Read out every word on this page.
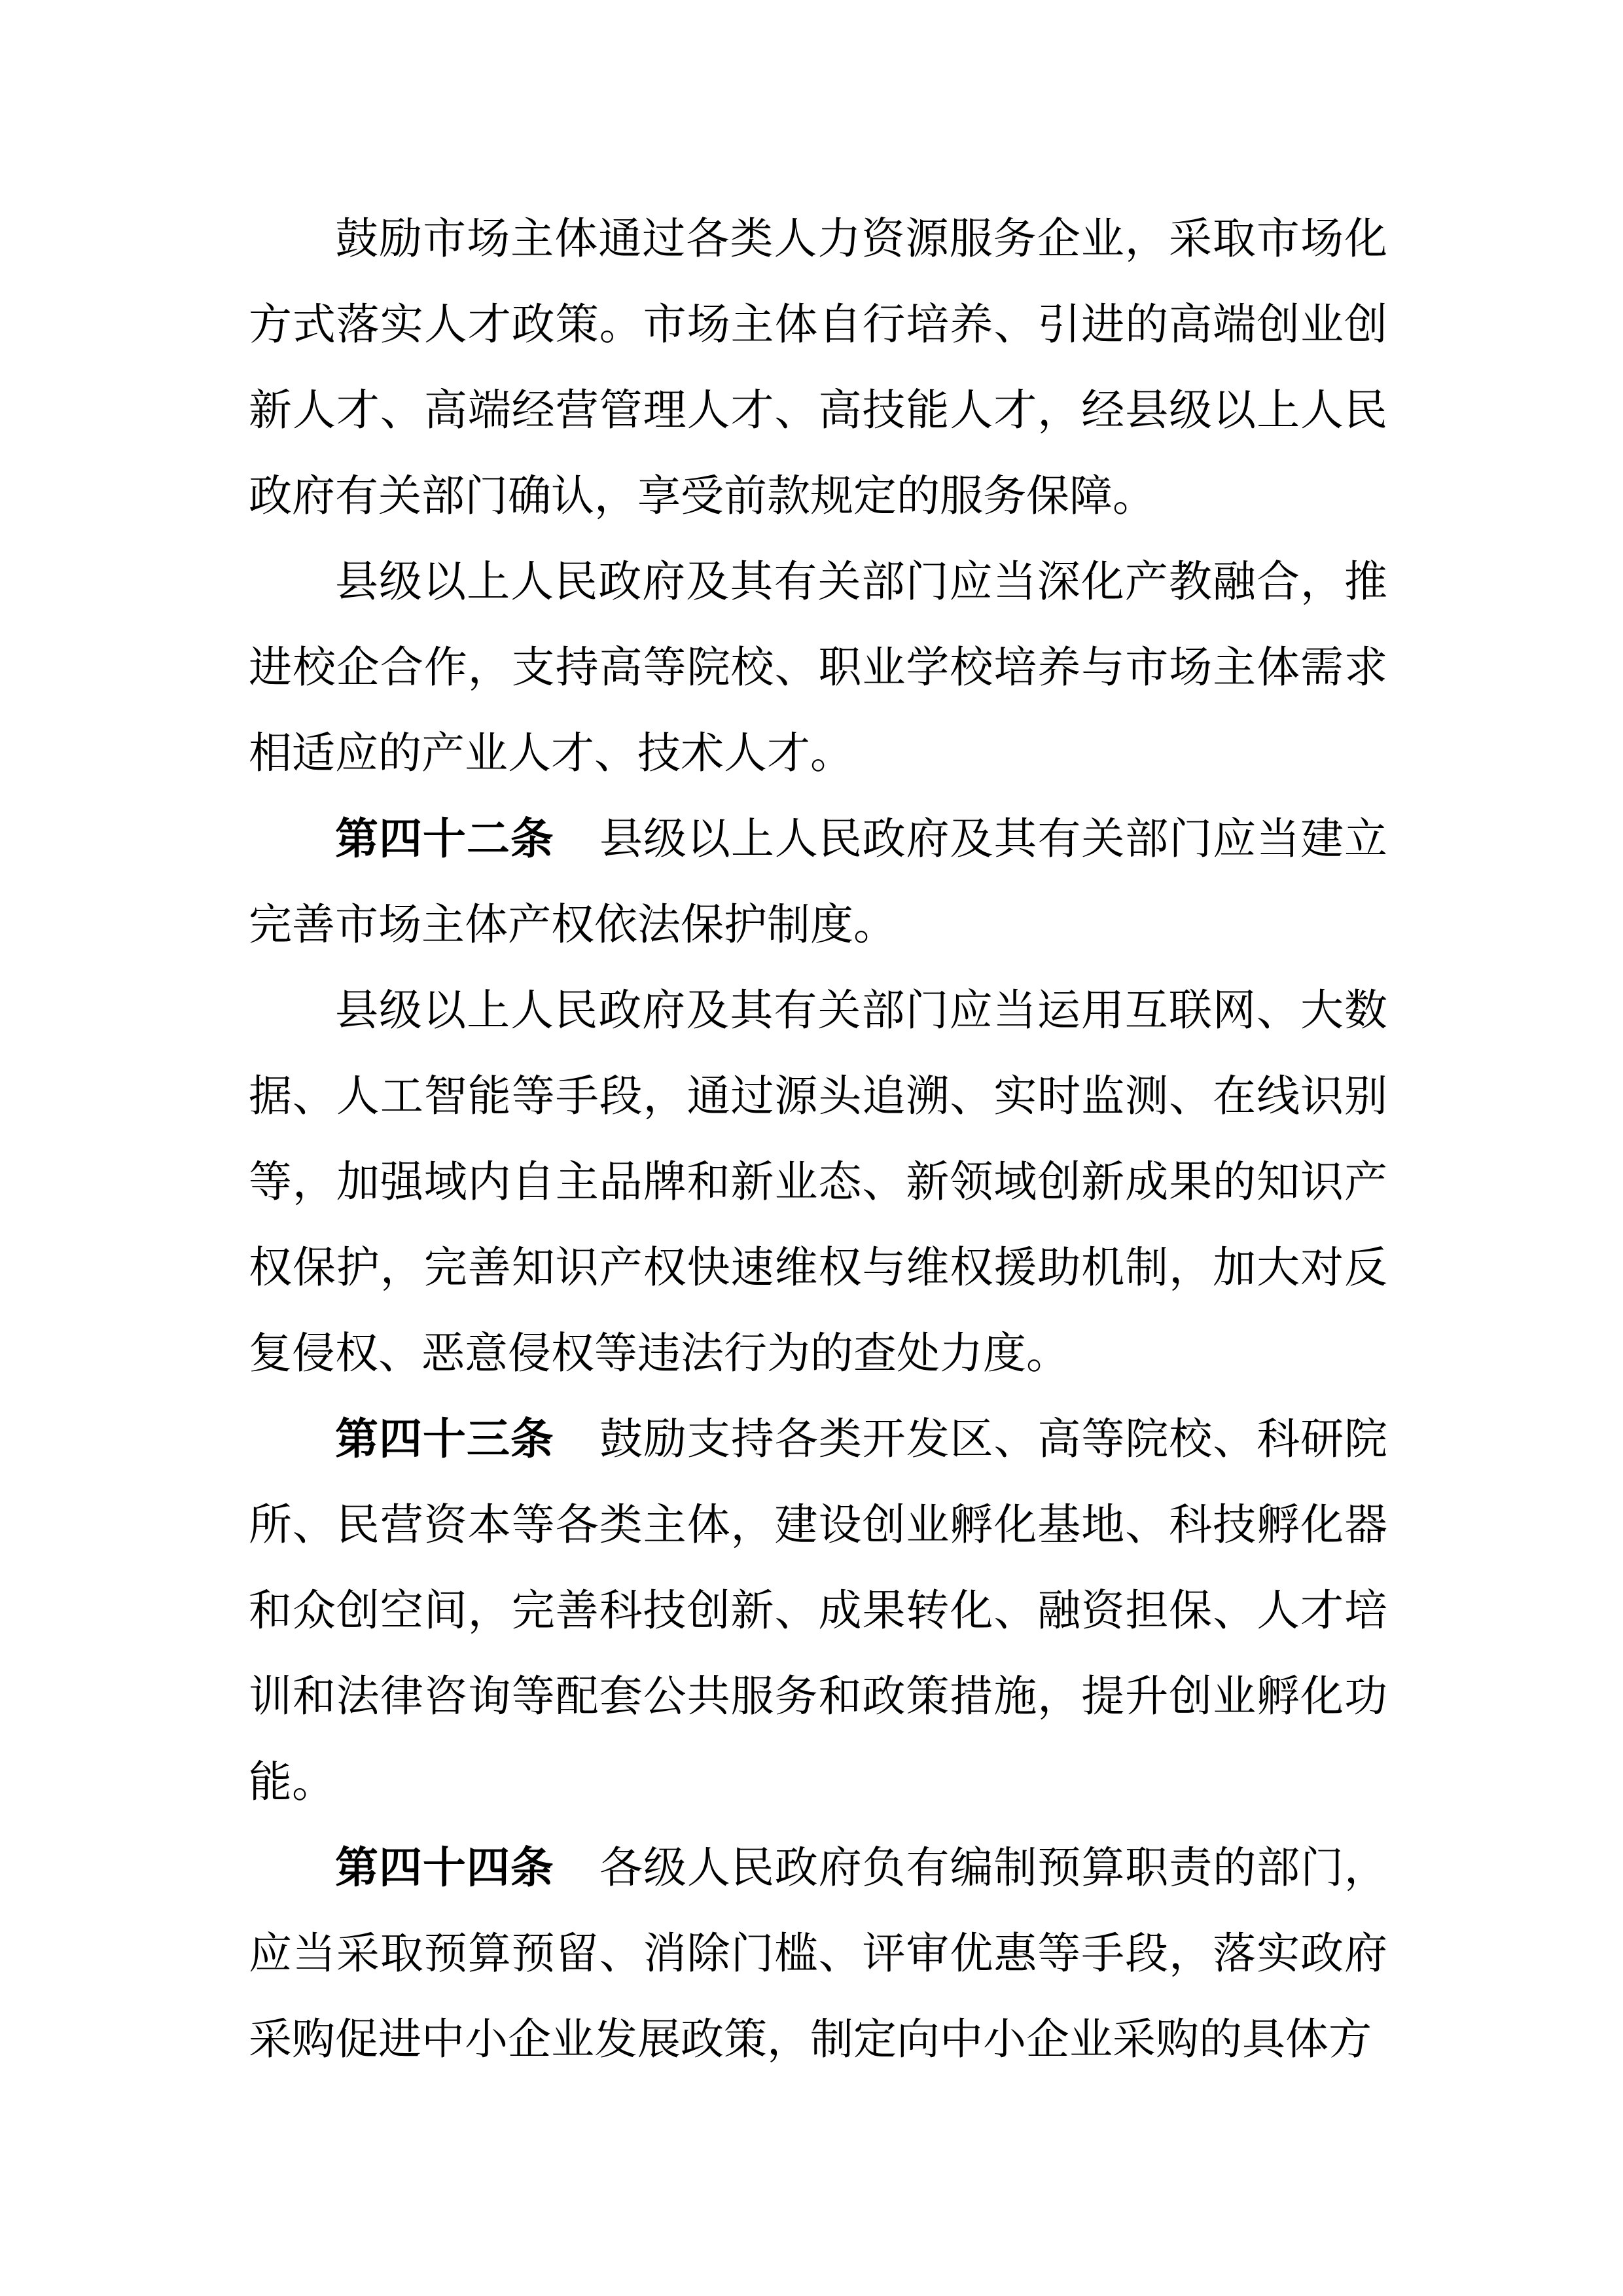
鼓励市场主体通过各类人力资源服务企业，采取市场化方式落实人才政策。市场主体自行培养、引进的高端创业创新人才、高端经营管理人才、高技能人才，经县级以上人民政府有关部门确认，享受前款规定的服务保障。

县级以上人民政府及其有关部门应当深化产教融合，推进校企合作，支持高等院校、职业学校培养与市场主体需求相适应的产业人才、技术人才。

第四十二条 县级以上人民政府及其有关部门应当建立完善市场主体产权依法保护制度。

县级以上人民政府及其有关部门应当运用互联网、大数据、人工智能等手段，通过源头追溯、实时监测、在线识别等，加强域内自主品牌和新业态、新领域创新成果的知识产权保护，完善知识产权快速维权与维权援助机制，加大对反复侵权、恶意侵权等违法行为的查处力度。

第四十三条 鼓励支持各类开发区、高等院校、科研院所、民营资本等各类主体，建设创业孵化基地、科技孵化器和众创空间，完善科技创新、成果转化、融资担保、人才培训和法律咨询等配套公共服务和政策措施，提升创业孵化功能。

第四十四条 各级人民政府负有编制预算职责的部门，应当采取预算预留、消除门槛、评审优惠等手段，落实政府采购促进中小企业发展政策，制定向中小企业采购的具体方
